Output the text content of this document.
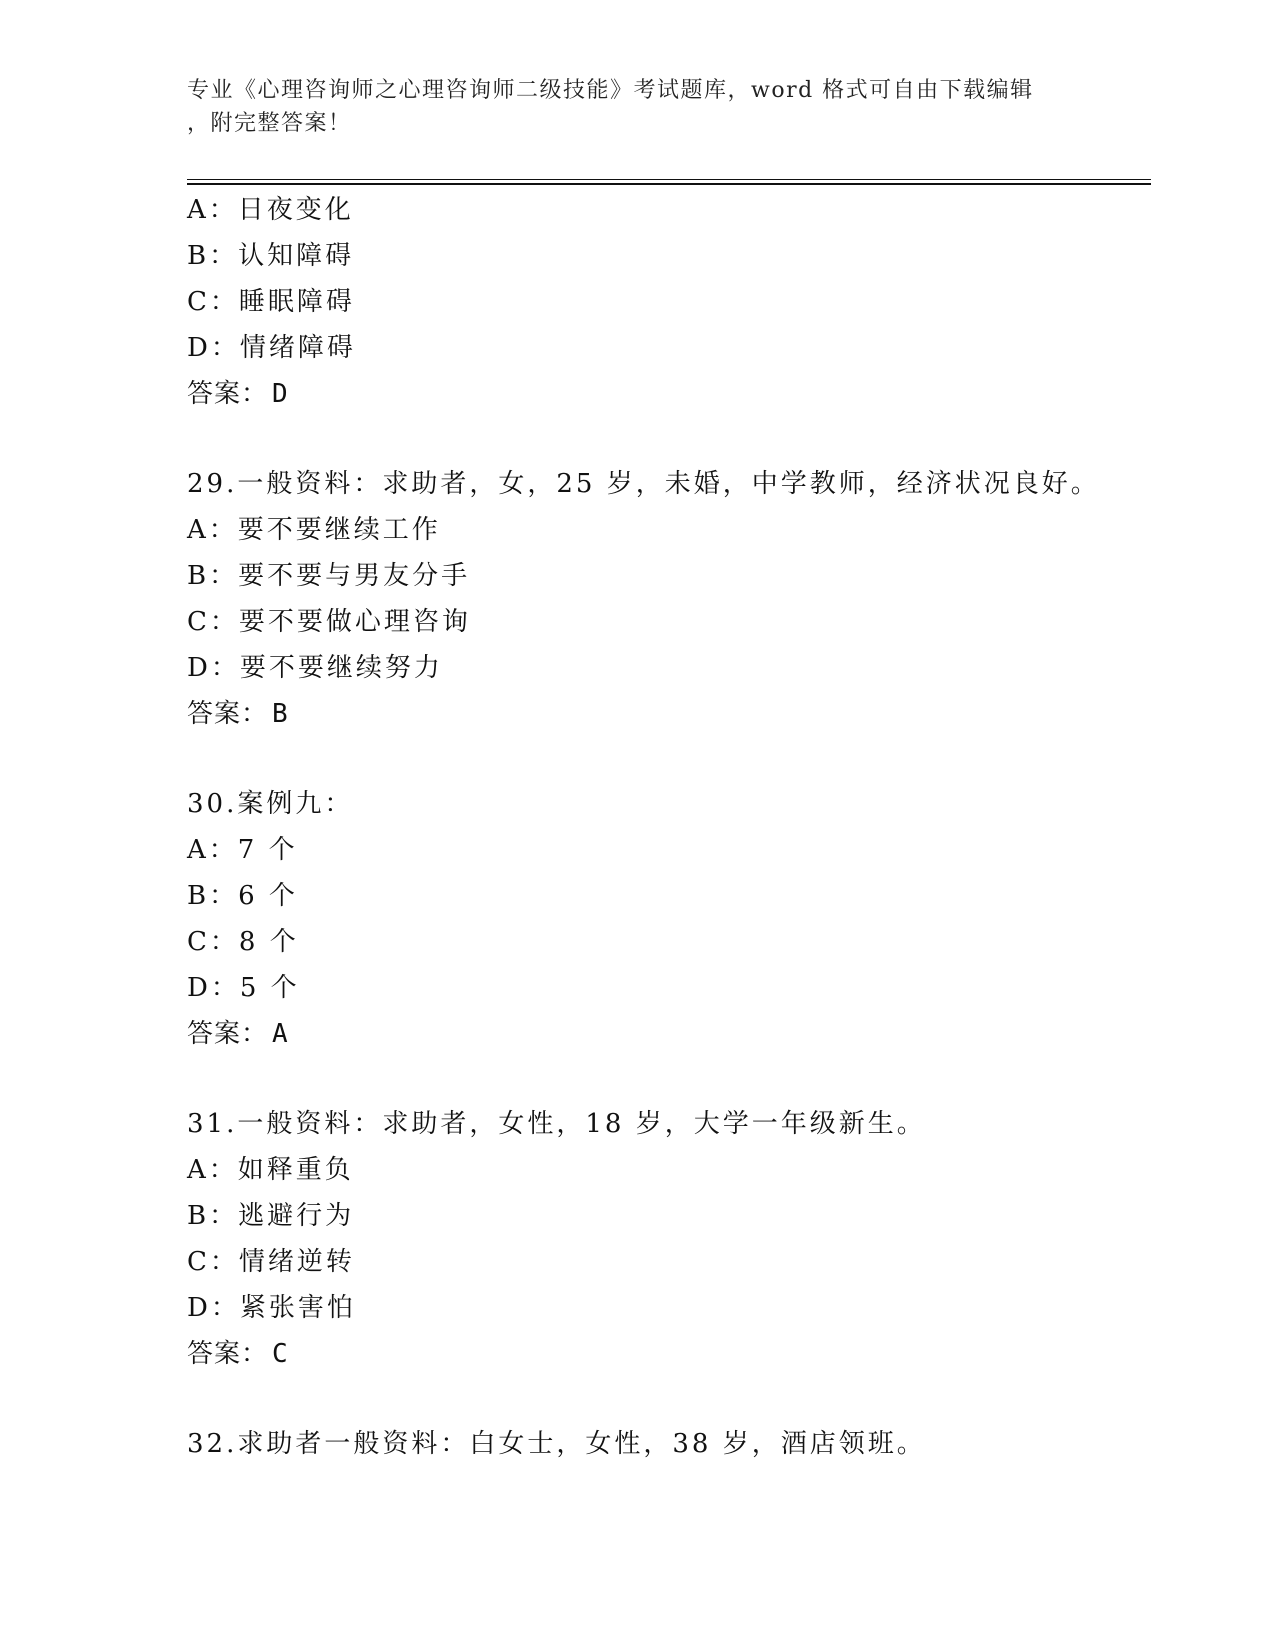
专业《心理咨询师之心理咨询师二级技能》考试题库，word 格式可自由下载编辑
，附完整答案！
A：日夜变化
B：认知障碍
C：睡眠障碍
D：情绪障碍
答案： D
29.一般资料：求助者，女，25 岁，未婚，中学教师，经济状况良好。
A：要不要继续工作
B：要不要与男友分手
C：要不要做心理咨询
D：要不要继续努力
答案： B
30.案例九：
A：7 个
B：6 个
C：8 个
D：5 个
答案： A
31.一般资料：求助者，女性，18 岁，大学一年级新生。
A：如释重负
B：逃避行为
C：情绪逆转
D：紧张害怕
答案： C
32.求助者一般资料：白女士，女性，38 岁，酒店领班。
